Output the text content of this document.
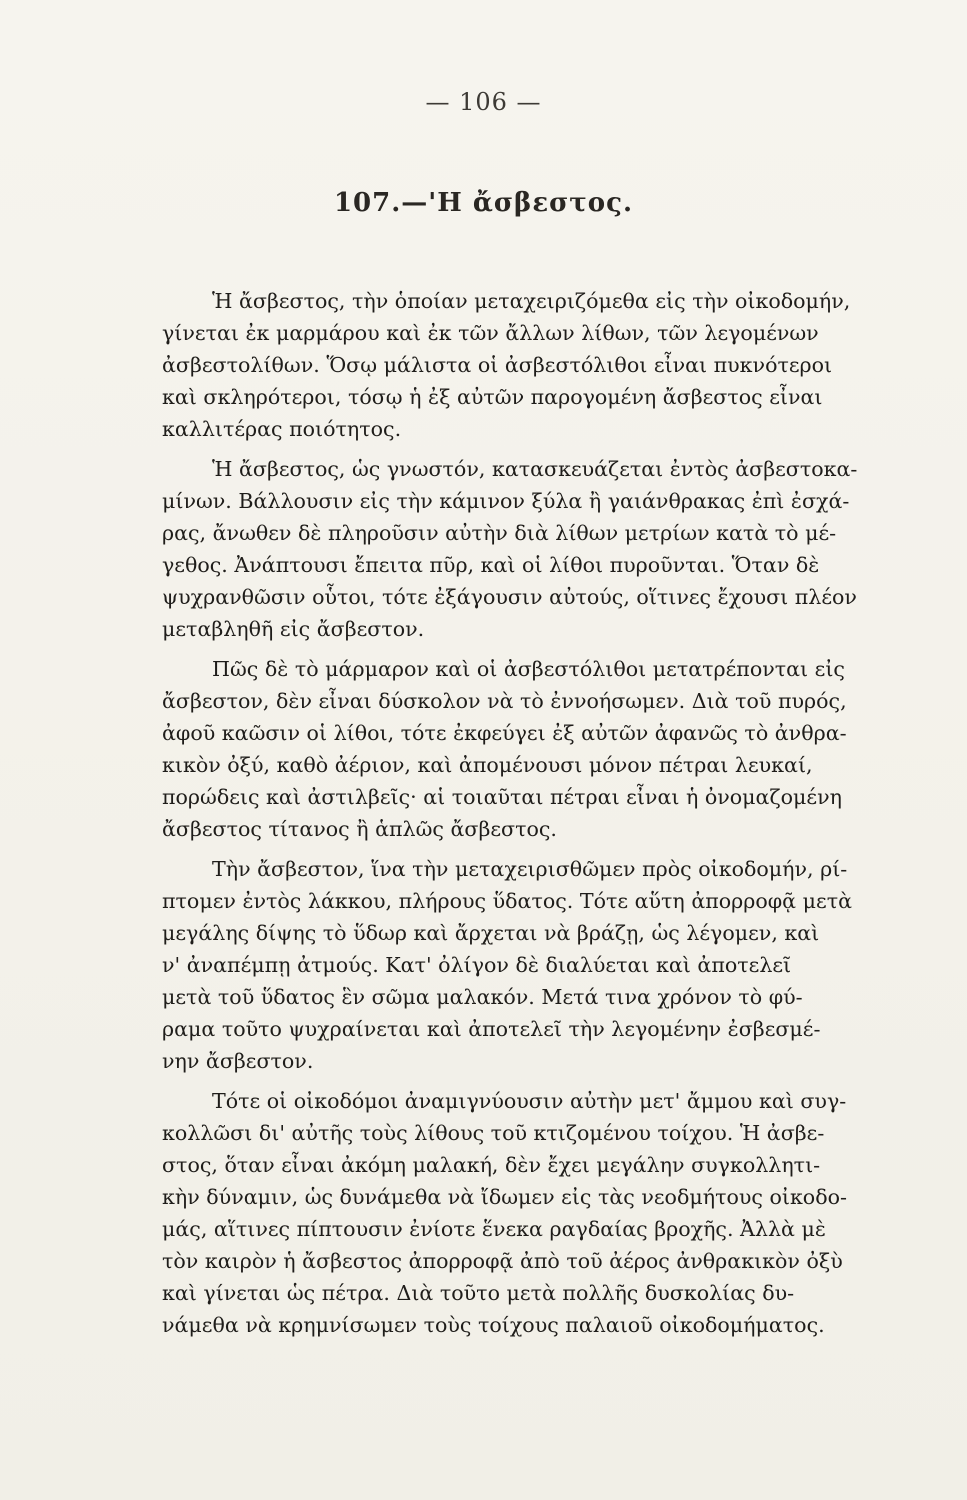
— 106 —
107.—'Η ἄσβεστος.

Ἡ ἄσβεστος, τὴν ὁποίαν μεταχειριζόμεθα εἰς τὴν οἰκοδομήν,
γίνεται ἐκ μαρμάρου καὶ ἐκ τῶν ἄλλων λίθων, τῶν λεγομένων
ἀσβεστολίθων. Ὅσῳ μάλιστα οἱ ἀσβεστόλιθοι εἶναι πυκνότεροι
καὶ σκληρότεροι, τόσῳ ἡ ἐξ αὐτῶν παρογομένη ἄσβεστος εἶναι
καλλιτέρας ποιότητος.

Ἡ ἄσβεστος, ὡς γνωστόν, κατασκευάζεται ἐντὸς ἀσβεστοκα-
μίνων. Βάλλουσιν εἰς τὴν κάμινον ξύλα ἢ γαιάνθρακας ἐπὶ ἐσχά-
ρας, ἄνωθεν δὲ πληροῦσιν αὐτὴν διὰ λίθων μετρίων κατὰ τὸ μέ-
γεθος. Ἀνάπτουσι ἔπειτα πῦρ, καὶ οἱ λίθοι πυροῦνται. Ὅταν δὲ
ψυχρανθῶσιν οὗτοι, τότε ἐξάγουσιν αὐτούς, οἵτινες ἔχουσι πλέον
μεταβληθῆ εἰς ἄσβεστον.

Πῶς δὲ τὸ μάρμαρον καὶ οἱ ἀσβεστόλιθοι μετατρέπονται εἰς
ἄσβεστον, δὲν εἶναι δύσκολον νὰ τὸ ἐννοήσωμεν. Διὰ τοῦ πυρός,
ἀφοῦ καῶσιν οἱ λίθοι, τότε ἐκφεύγει ἐξ αὐτῶν ἀφανῶς τὸ ἀνθρα-
κικὸν ὀξύ, καθὸ ἀέριον, καὶ ἀπομένουσι μόνον πέτραι λευκαί,
πορώδεις καὶ ἀστιλβεῖς· αἱ τοιαῦται πέτραι εἶναι ἡ ὀνομαζομένη
ἄσβεστος τίτανος ἢ ἁπλῶς ἄσβεστος.

Τὴν ἄσβεστον, ἵνα τὴν μεταχειρισθῶμεν πρὸς οἰκοδομήν, ρί-
πτομεν ἐντὸς λάκκου, πλήρους ὕδατος. Τότε αὕτη ἀπορροφᾷ μετὰ
μεγάλης δίψης τὸ ὕδωρ καὶ ἄρχεται νὰ βράζῃ, ὡς λέγομεν, καὶ
ν' ἀναπέμπῃ ἀτμούς. Κατ' ὀλίγον δὲ διαλύεται καὶ ἀποτελεῖ
μετὰ τοῦ ὕδατος ἓν σῶμα μαλακόν. Μετά τινα χρόνον τὸ φύ-
ραμα τοῦτο ψυχραίνεται καὶ ἀποτελεῖ τὴν λεγομένην ἐσβεσμέ-
νην ἄσβεστον.

Τότε οἱ οἰκοδόμοι ἀναμιγνύουσιν αὐτὴν μετ' ἄμμου καὶ συγ-
κολλῶσι δι' αὐτῆς τοὺς λίθους τοῦ κτιζομένου τοίχου. Ἡ ἀσβε-
στος, ὅταν εἶναι ἀκόμη μαλακή, δὲν ἔχει μεγάλην συγκολλητι-
κὴν δύναμιν, ὡς δυνάμεθα νὰ ἴδωμεν εἰς τὰς νεοδμήτους οἰκοδο-
μάς, αἵτινες πίπτουσιν ἐνίοτε ἕνεκα ραγδαίας βροχῆς. Ἀλλὰ μὲ
τὸν καιρὸν ἡ ἄσβεστος ἀπορροφᾷ ἀπὸ τοῦ ἀέρος ἀνθρακικὸν ὀξὺ
καὶ γίνεται ὡς πέτρα. Διὰ τοῦτο μετὰ πολλῆς δυσκολίας δυ-
νάμεθα νὰ κρημνίσωμεν τοὺς τοίχους παλαιοῦ οἰκοδομήματος.
